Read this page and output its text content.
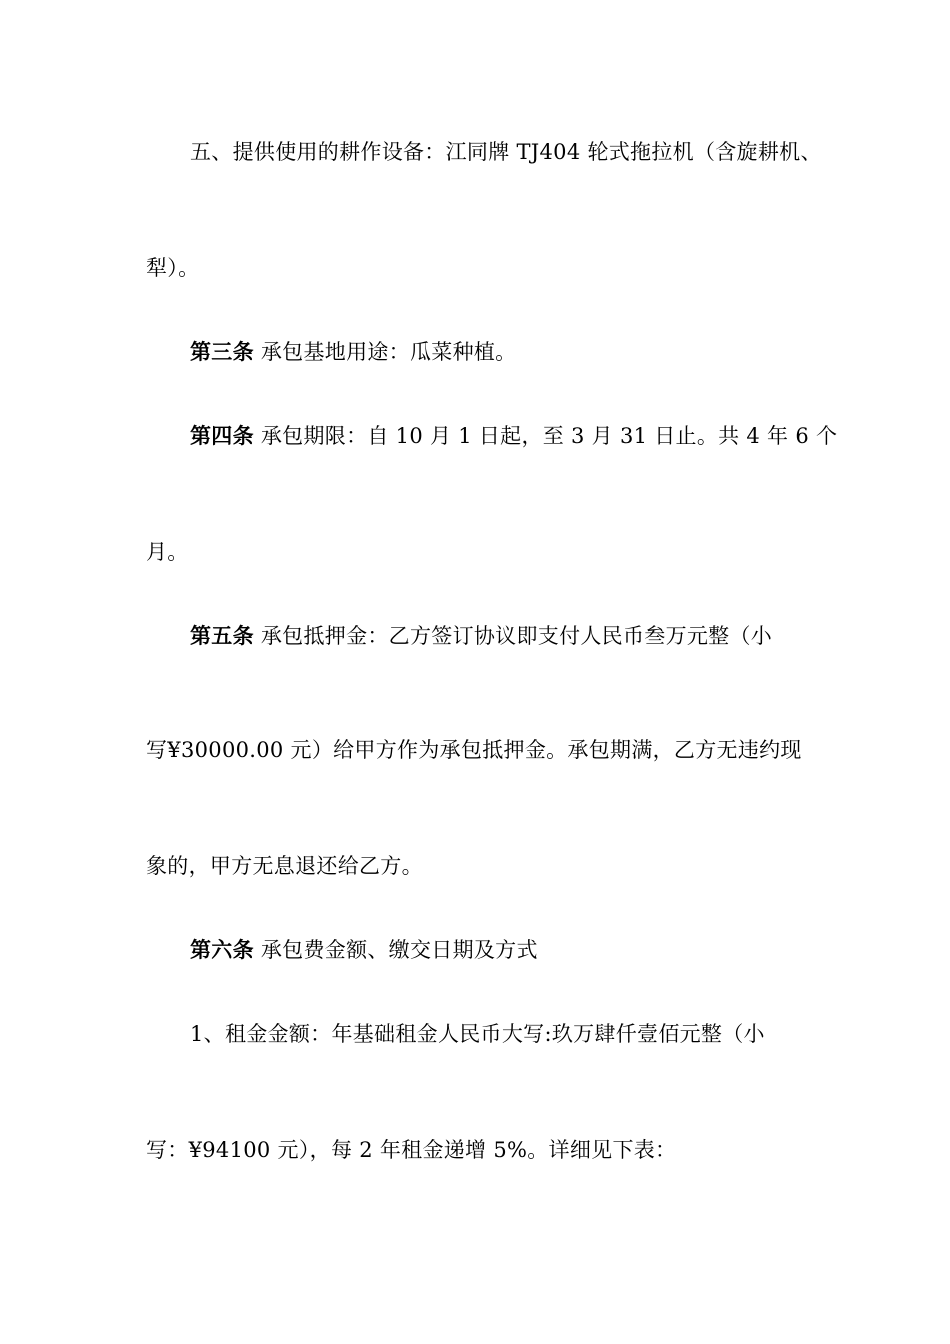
五、提供使用的耕作设备：江同牌 TJ404 轮式拖拉机（含旋耕机、
犁）。
第三条 承包基地用途：瓜菜种植。
第四条 承包期限：自 10 月 1 日起，至 3 月 31 日止。共 4 年 6 个
月。
第五条 承包抵押金：乙方签订协议即支付人民币叁万元整（小
写¥30000.00 元）给甲方作为承包抵押金。承包期满，乙方无违约现
象的，甲方无息退还给乙方。
第六条 承包费金额、缴交日期及方式
1、租金金额：年基础租金人民币大写:玖万肆仟壹佰元整（小
写：¥94100 元），每 2 年租金递增 5%。详细见下表：
